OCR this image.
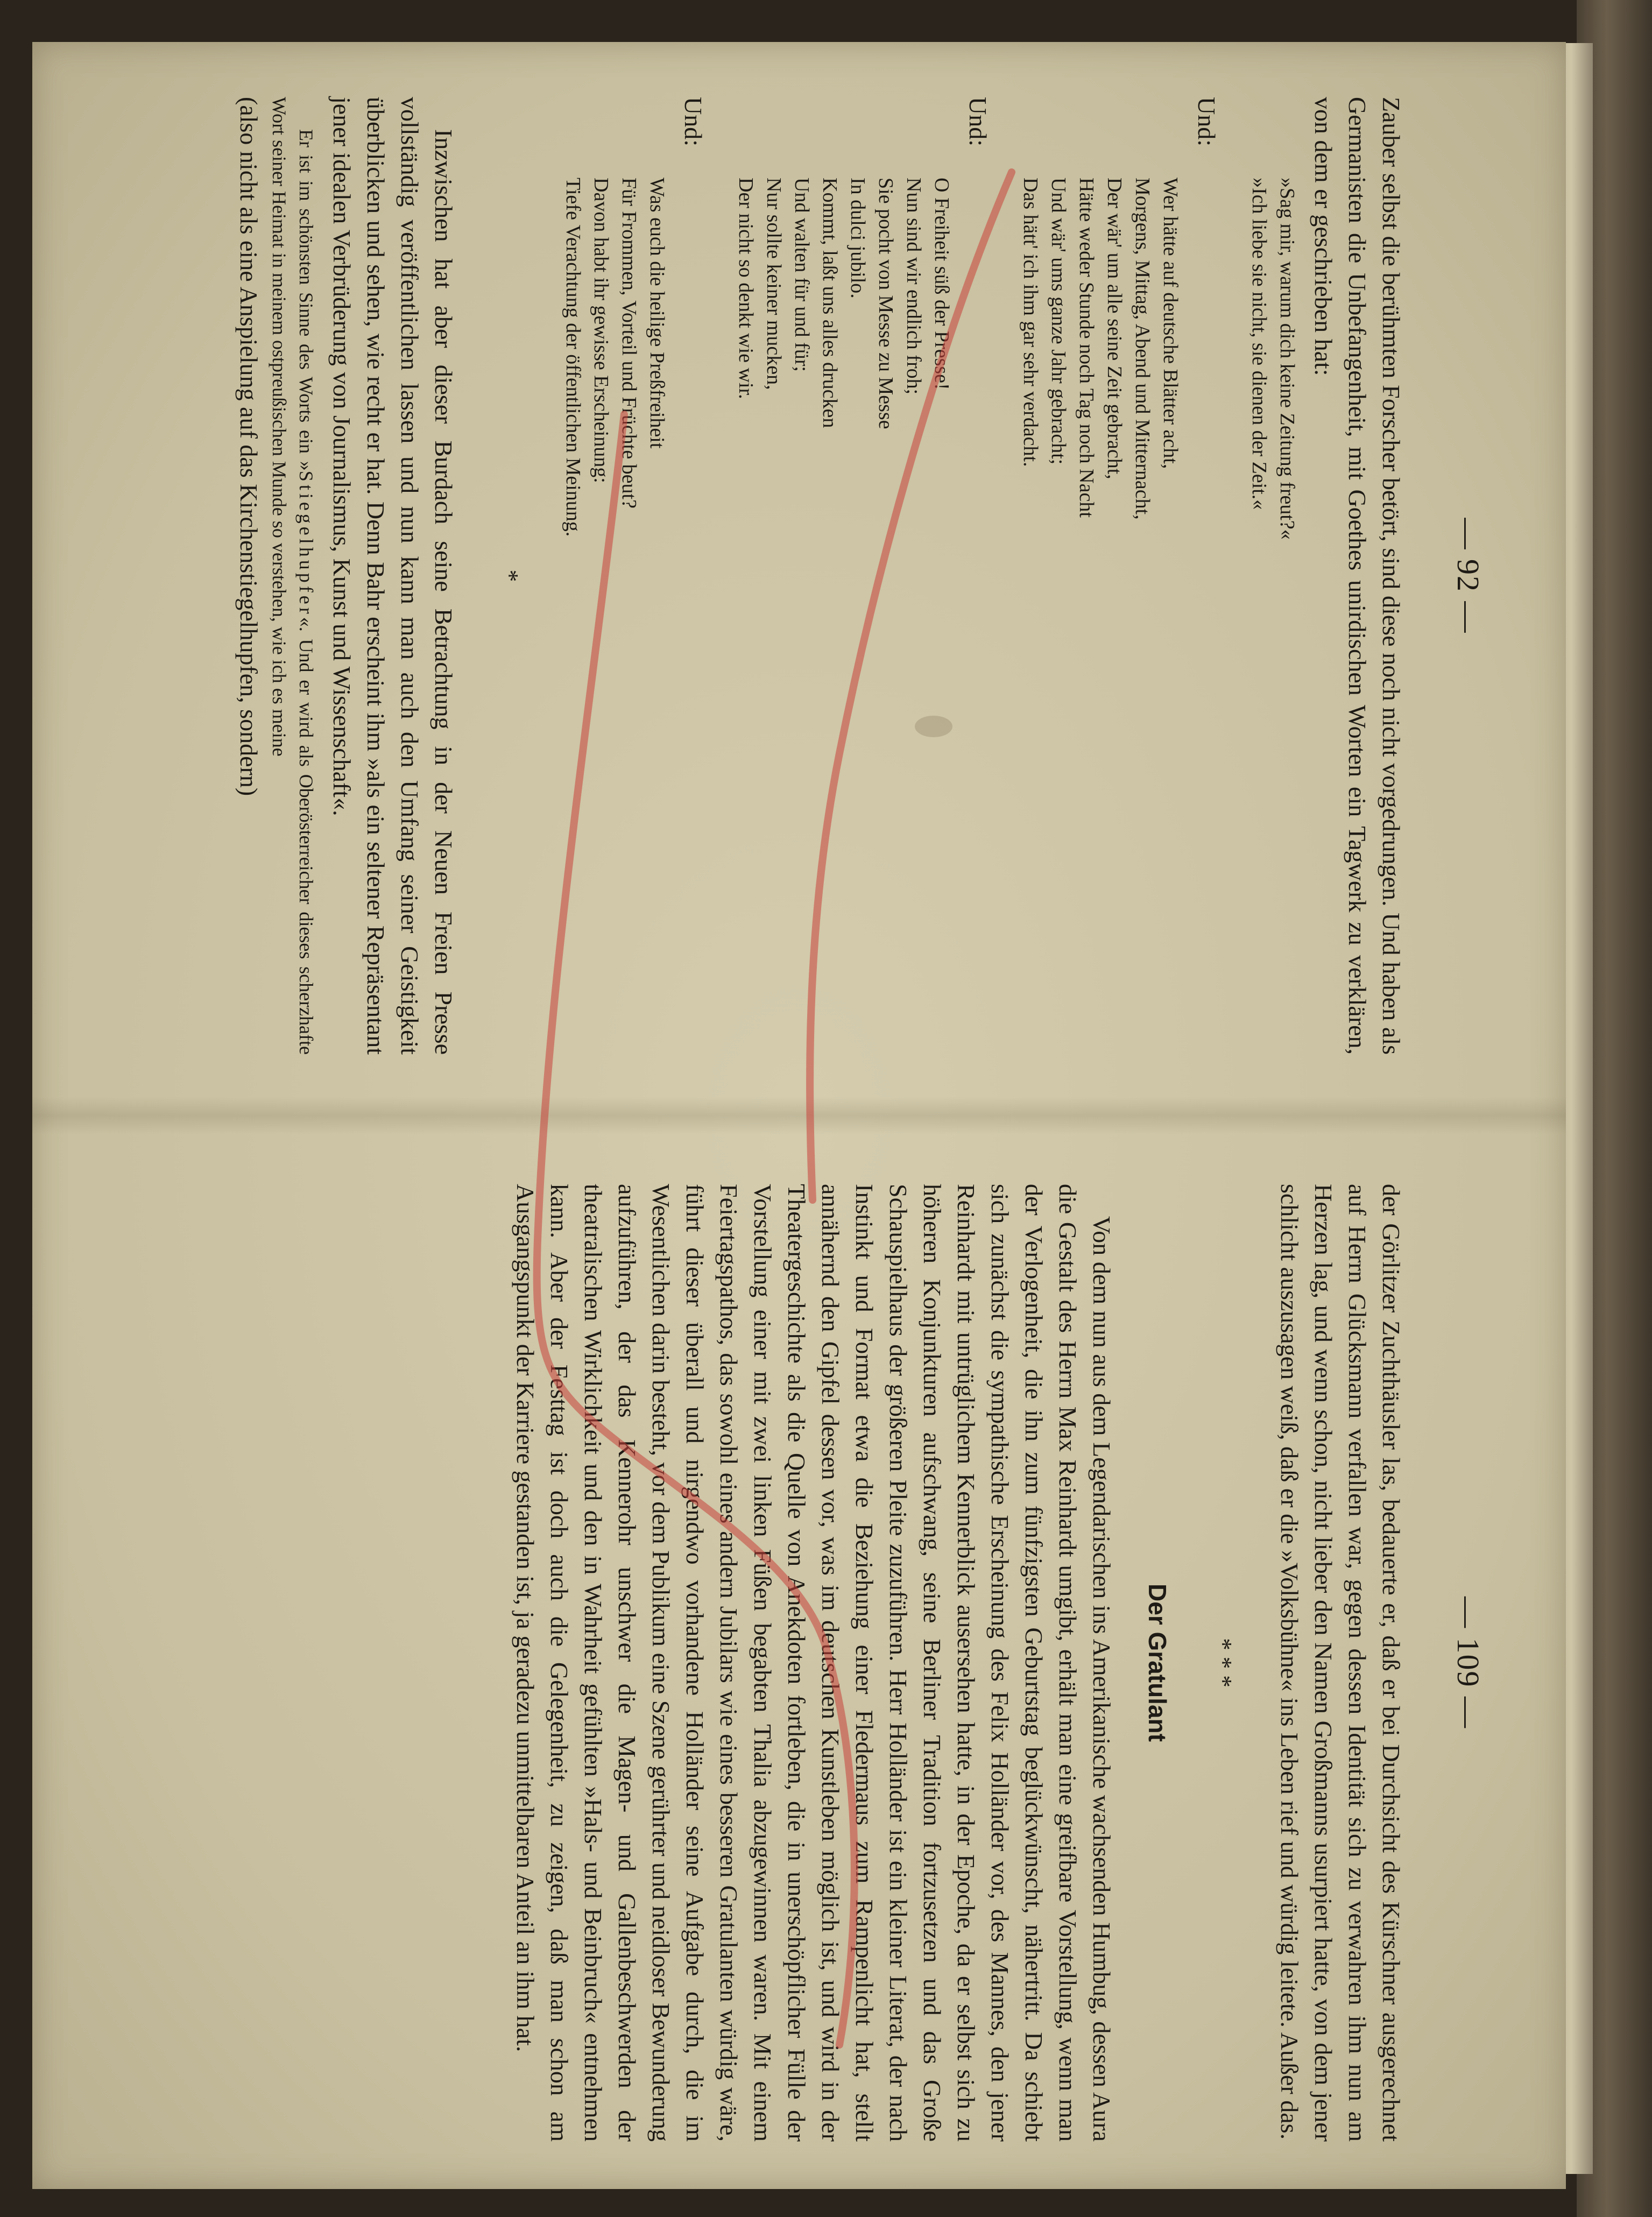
— 92 —

Zauber selbst die berühmten Forscher betört, sind diese noch nicht vorgedrungen. Und haben als Germanisten die Unbefangenheit, mit Goethes unirdischen Worten ein Tagwerk zu verklären, von dem er geschrieben hat:

»Sag mir, warum dich keine Zeitung freut?«
»Ich liebe sie nicht, sie dienen der Zeit.«
Und:
Wer hätte auf deutsche Blätter acht,
Morgens, Mittag, Abend und Mitternacht,
Der wär' um alle seine Zeit gebracht,
Hätte weder Stunde noch Tag noch Nacht
Und wär' ums ganze Jahr gebracht;
Das hätt' ich ihm gar sehr verdacht.
Und:
O Freiheit süß der Presse!
Nun sind wir endlich froh;
Sie pocht von Messe zu Messe
In dulci jubilo.
Kommt, laßt uns alles drucken
Und walten für und für;
Nur sollte keiner mucken,
Der nicht so denkt wie wir.
Und:
Was euch die heilige Preßfreiheit
Für Frommen, Vorteil und Früchte beut?
Davon habt ihr gewisse Erscheinung:
Tiefe Verachtung der öffentlichen Meinung.
*

Inzwischen hat aber dieser Burdach seine Betrachtung in der Neuen Freien Presse vollständig veröffentlichen lassen und nun kann man auch den Umfang seiner Geistigkeit überblicken und sehen, wie recht er hat. Denn Bahr erscheint ihm »als ein seltener Repräsentant jener idealen Verbrüderung von Journalismus, Kunst und Wissenschaft«.

Er ist im schönsten Sinne des Worts ein »Stiegelhupfer«. Und er wird als Oberösterreicher dieses scherzhafte Wort seiner Heimat in meinem ostpreußischen Munde so verstehen, wie ich es meine

(also nicht als eine Anspielung auf das Kirchenstiegelhupfen, sondern)

— 109 —

der Görlitzer Zuchthäusler las, bedauerte er, daß er bei Durchsicht des Kürschner ausgerechnet auf Herrn Glücksmann verfallen war, gegen dessen Identität sich zu verwahren ihm nun am Herzen lag, und wenn schon, nicht lieber den Namen Großmanns usurpiert hatte, von dem jener schlicht auszusagen weiß, daß er die »Volksbühne« ins Leben rief und würdig leitete. Außer das.

* * *
Der Gratulant

Von dem nun aus dem Legendarischen ins Amerikanische wachsenden Humbug, dessen Aura die Gestalt des Herrn Max Reinhardt umgibt, erhält man eine greifbare Vorstellung, wenn man der Verlogenheit, die ihn zum fünfzigsten Geburtstag beglückwünscht, nähertritt. Da schiebt sich zunächst die sympathische Erscheinung des Felix Holländer vor, des Mannes, den jener Reinhardt mit untrüglichem Kennerblick ausersehen hatte, in der Epoche, da er selbst sich zu höheren Konjunkturen aufschwang, seine Berliner Tradition fortzusetzen und das Große Schauspielhaus der größeren Pleite zuzuführen. Herr Holländer ist ein kleiner Literat, der nach Instinkt und Format etwa die Beziehung einer Fledermaus zum Rampenlicht hat, stellt annähernd den Gipfel dessen vor, was im deutschen Kunstleben möglich ist, und wird in der Theatergeschichte als die Quelle von Anekdoten fortleben, die in unerschöpflicher Fülle der Vorstellung einer mit zwei linken Füßen begabten Thalia abzugewinnen waren. Mit einem Feiertagspathos, das sowohl eines andern Jubilars wie eines besseren Gratulanten würdig wäre, führt dieser überall und nirgendwo vorhandene Holländer seine Aufgabe durch, die im Wesentlichen darin besteht, vor dem Publikum eine Szene gerührter und neidloser Bewunderung aufzuführen, der das Kennerohr unschwer die Magen- und Gallenbeschwerden der theatralischen Wirklichkeit und den in Wahrheit gefühlten »Hals- und Beinbruch« entnehmen kann. Aber der Festtag ist doch auch die Gelegenheit, zu zeigen, daß man schon am Ausgangspunkt der Karriere gestanden ist, ja geradezu unmittelbaren Anteil an ihm hat.
